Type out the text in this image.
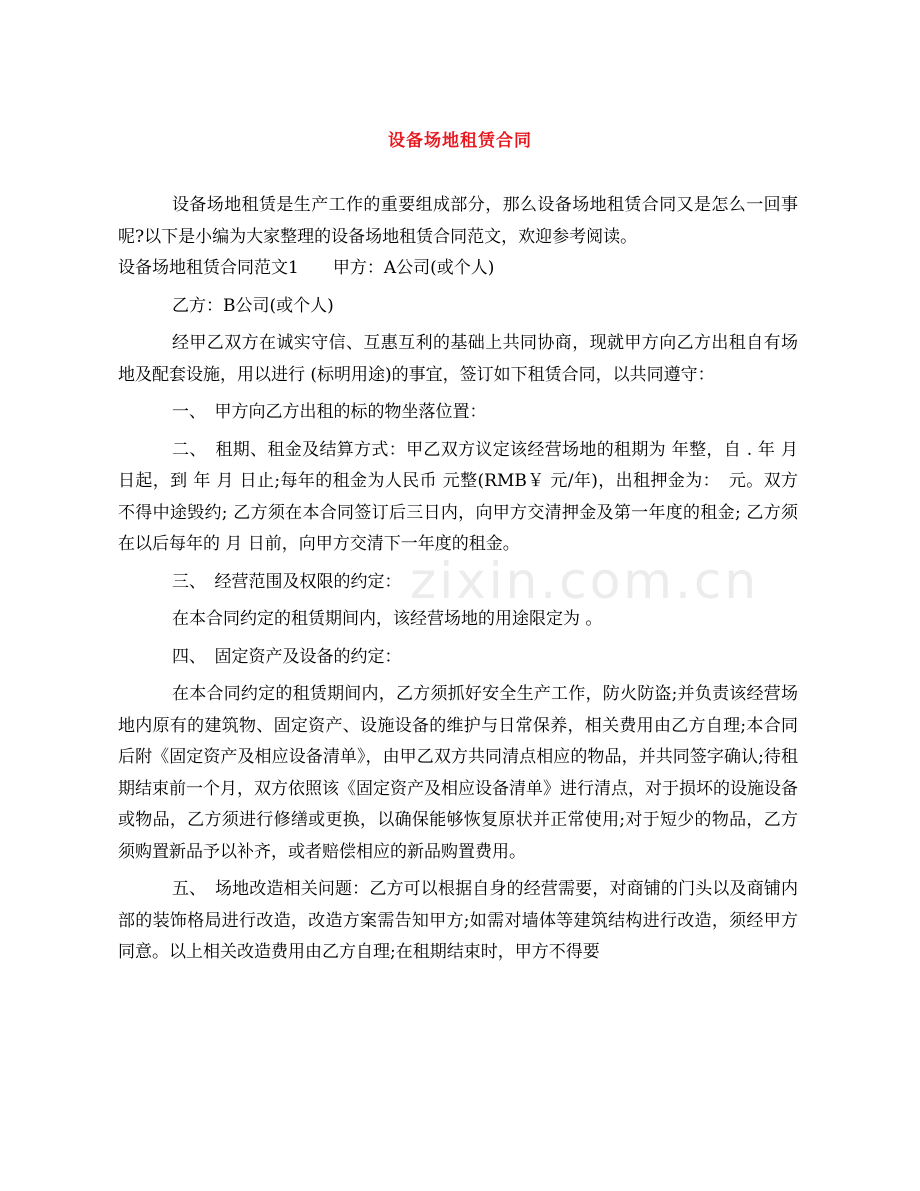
设备场地租赁合同
zixin.com.cn

设备场地租赁是生产工作的重要组成部分，那么设备场地租赁合同又是怎么一回事呢?以下是小编为大家整理的设备场地租赁合同范文，欢迎参考阅读。

设备场地租赁合同范文1　　甲方：A公司(或个人)

乙方：B公司(或个人)

经甲乙双方在诚实守信、互惠互利的基础上共同协商，现就甲方向乙方出租自有场地及配套设施，用以进行 (标明用途)的事宜，签订如下租赁合同，以共同遵守：

一、　甲方向乙方出租的标的物坐落位置：

二、　租期、租金及结算方式：甲乙双方议定该经营场地的租期为 年整，自 . 年 月 日起，到 年 月 日止;每年的租金为人民币 元整(RMB￥ 元/年)，出租押金为：　元。双方不得中途毁约; 乙方须在本合同签订后三日内，向甲方交清押金及第一年度的租金; 乙方须在以后每年的 月 日前，向甲方交清下一年度的租金。

三、　经营范围及权限的约定：

在本合同约定的租赁期间内，该经营场地的用途限定为 。

四、　固定资产及设备的约定：

在本合同约定的租赁期间内，乙方须抓好安全生产工作，防火防盗;并负责该经营场地内原有的建筑物、固定资产、设施设备的维护与日常保养，相关费用由乙方自理;本合同后附《固定资产及相应设备清单》，由甲乙双方共同清点相应的物品，并共同签字确认;待租期结束前一个月，双方依照该《固定资产及相应设备清单》进行清点，对于损坏的设施设备或物品，乙方须进行修缮或更换，以确保能够恢复原状并正常使用;对于短少的物品，乙方须购置新品予以补齐，或者赔偿相应的新品购置费用。

五、　场地改造相关问题：乙方可以根据自身的经营需要，对商铺的门头以及商铺内部的装饰格局进行改造，改造方案需告知甲方;如需对墙体等建筑结构进行改造，须经甲方同意。以上相关改造费用由乙方自理;在租期结束时，甲方不得要
